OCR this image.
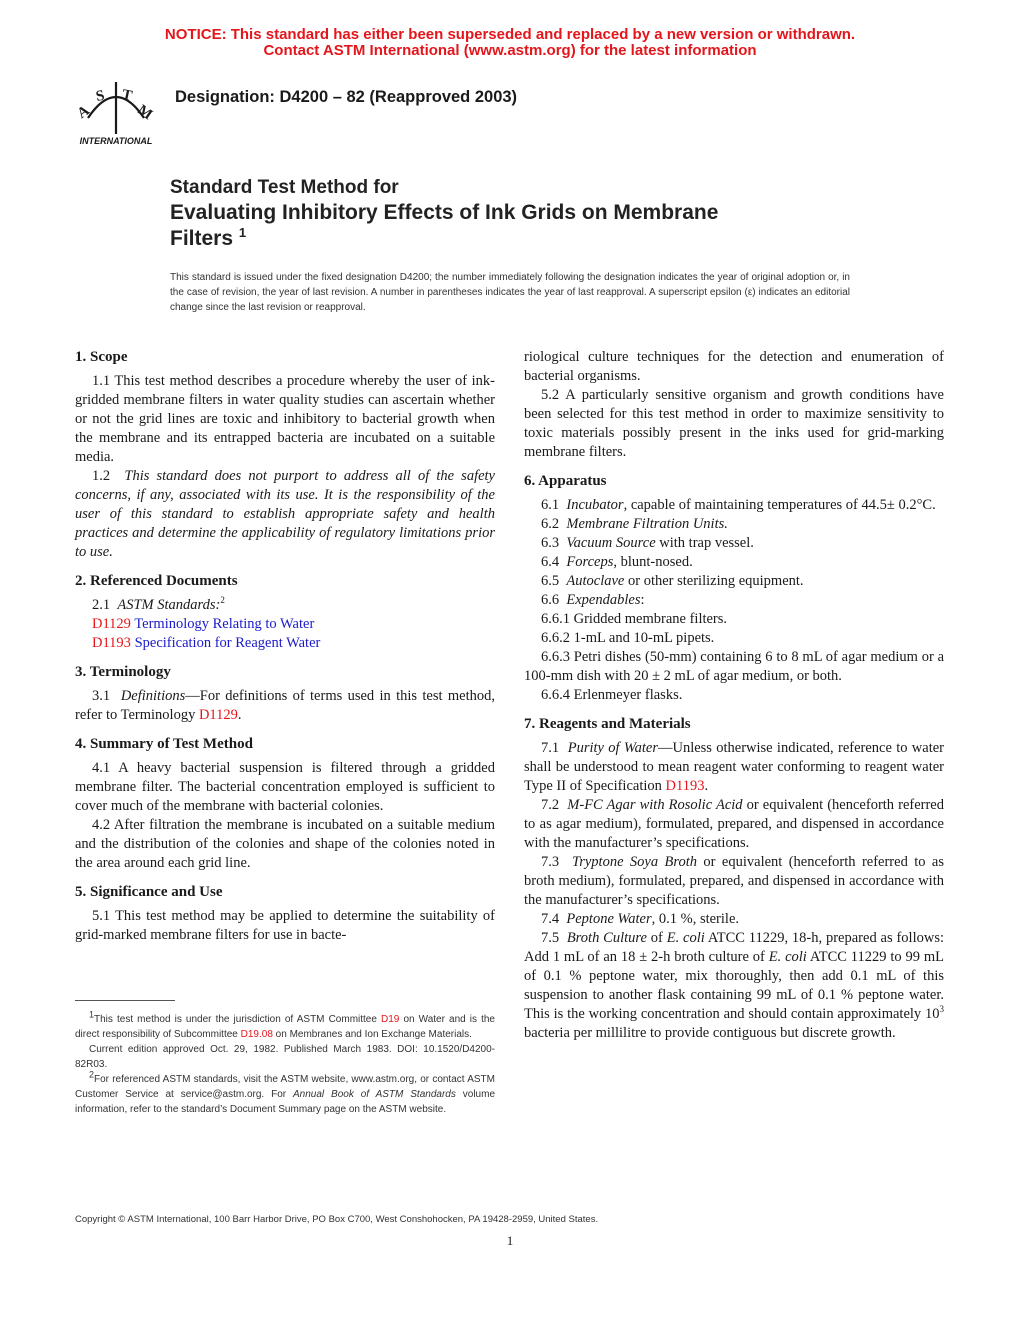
NOTICE: This standard has either been superseded and replaced by a new version or withdrawn.
Contact ASTM International (www.astm.org) for the latest information
A
S T
M
INTERNATIONAL
Designation: D4200 – 82 (Reapproved 2003)
Standard Test Method for
Evaluating Inhibitory Effects of Ink Grids on Membrane
Filters $^1$
This standard is issued under the fixed designation D4200; the number immediately following the designation indicates the year of original adoption or, in the case of revision, the year of last revision. A number in parentheses indicates the year of last reapproval. A superscript epsilon (ε) indicates an editorial change since the last revision or reapproval.
1. Scope

1.1 This test method describes a procedure whereby the user of ink-gridded membrane filters in water quality studies can ascertain whether or not the grid lines are toxic and inhibitory to bacterial growth when the membrane and its entrapped bacteria are incubated on a suitable media.

1.2 This standard does not purport to address all of the safety concerns, if any, associated with its use. It is the responsibility of the user of this standard to establish appropriate safety and health practices and determine the applicability of regulatory limitations prior to use.

2. Referenced Documents

2.1 ASTM Standards:$^2$

D1129 Terminology Relating to Water

D1193 Specification for Reagent Water

3. Terminology

3.1 Definitions—For definitions of terms used in this test method, refer to Terminology D1129.

4. Summary of Test Method

4.1 A heavy bacterial suspension is filtered through a gridded membrane filter. The bacterial concentration employed is sufficient to cover much of the membrane with bacterial colonies.

4.2 After filtration the membrane is incubated on a suitable medium and the distribution of the colonies and shape of the colonies noted in the area around each grid line.

5. Significance and Use

5.1 This test method may be applied to determine the suitability of grid-marked membrane filters for use in bacte-

$^1$This test method is under the jurisdiction of ASTM Committee D19 on Water and is the direct responsibility of Subcommittee D19.08 on Membranes and Ion Exchange Materials.

Current edition approved Oct. 29, 1982. Published March 1983. DOI: 10.1520/D4200-82R03.

$^2$For referenced ASTM standards, visit the ASTM website, www.astm.org, or contact ASTM Customer Service at service@astm.org. For Annual Book of ASTM Standards volume information, refer to the standard’s Document Summary page on the ASTM website.

riological culture techniques for the detection and enumeration of bacterial organisms.

5.2 A particularly sensitive organism and growth conditions have been selected for this test method in order to maximize sensitivity to toxic materials possibly present in the inks used for grid-marking membrane filters.

6. Apparatus

6.1 Incubator, capable of maintaining temperatures of 44.5± 0.2°C.

6.2 Membrane Filtration Units.

6.3 Vacuum Source with trap vessel.

6.4 Forceps, blunt-nosed.

6.5 Autoclave or other sterilizing equipment.

6.6 Expendables:

6.6.1 Gridded membrane filters.

6.6.2 1-mL and 10-mL pipets.

6.6.3 Petri dishes (50-mm) containing 6 to 8 mL of agar medium or a 100-mm dish with 20 ± 2 mL of agar medium, or both.

6.6.4 Erlenmeyer flasks.

7. Reagents and Materials

7.1 Purity of Water—Unless otherwise indicated, reference to water shall be understood to mean reagent water conforming to reagent water Type II of Specification D1193.

7.2 M-FC Agar with Rosolic Acid or equivalent (henceforth referred to as agar medium), formulated, prepared, and dispensed in accordance with the manufacturer’s specifications.

7.3 Tryptone Soya Broth or equivalent (henceforth referred to as broth medium), formulated, prepared, and dispensed in accordance with the manufacturer’s specifications.

7.4 Peptone Water, 0.1 %, sterile.

7.5 Broth Culture of E. coli ATCC 11229, 18-h, prepared as follows: Add 1 mL of an 18 ± 2-h broth culture of E. coli ATCC 11229 to 99 mL of 0.1 % peptone water, mix thoroughly, then add 0.1 mL of this suspension to another flask containing 99 mL of 0.1 % peptone water. This is the working concentration and should contain approximately $10^3$ bacteria per millilitre to provide contiguous but discrete growth.

Copyright © ASTM International, 100 Barr Harbor Drive, PO Box C700, West Conshohocken, PA 19428-2959, United States.
1
